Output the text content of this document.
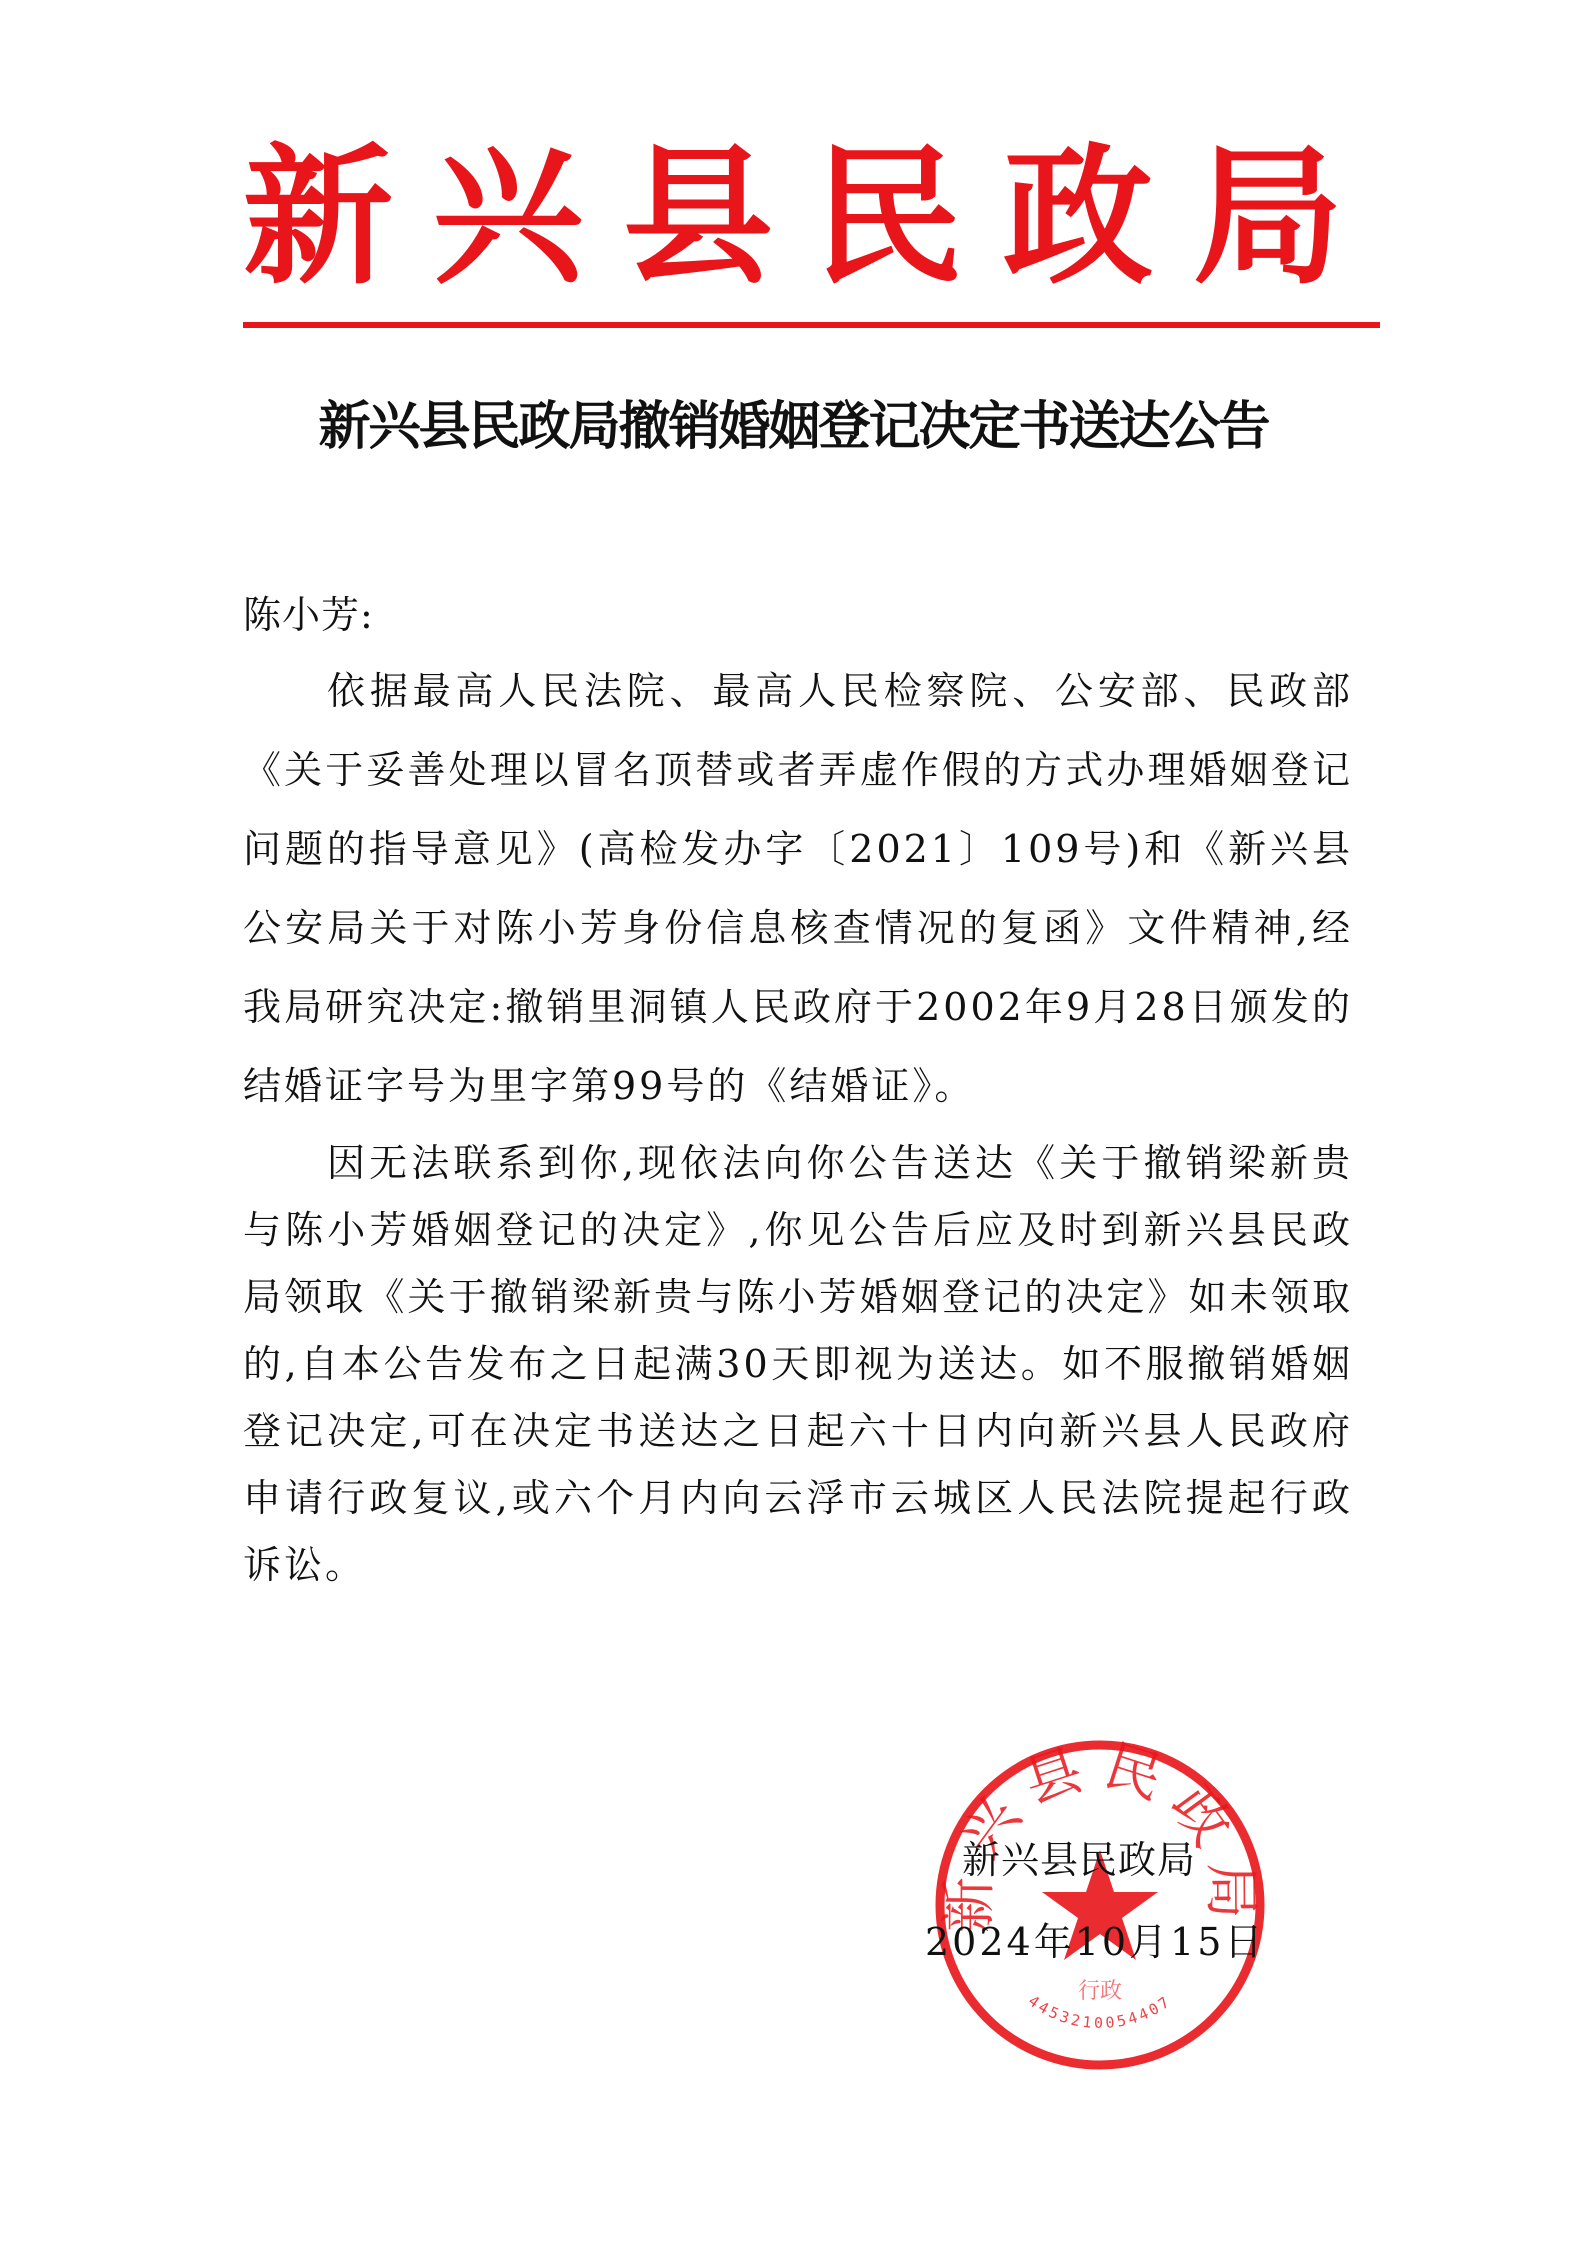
新 兴 县 民 政 局
新兴县民政局撤销婚姻登记决定书送达公告
陈小芳:

依据最高人民法院、最高人民检察院、公安部、民政部《关于妥善处理以冒名顶替或者弄虚作假的方式办理婚姻登记问题的指导意见》(高检发办字〔2021〕109号)和《新兴县公安局关于对陈小芳身份信息核查情况的复函》文件精神,经我局研究决定:撤销里洞镇人民政府于2002年9月28日颁发的结婚证字号为里字第99号的《结婚证》。

因无法联系到你,现依法向你公告送达《关于撤销梁新贵与陈小芳婚姻登记的决定》,你见公告后应及时到新兴县民政局领取《关于撤销梁新贵与陈小芳婚姻登记的决定》如未领取的,自本公告发布之日起满30天即视为送达。如不服撤销婚姻登记决定,可在决定书送达之日起六十日内向新兴县人民政府申请行政复议,或六个月内向云浮市云城区人民法院提起行政诉讼。

新兴县民政局
行政
4453210054407
新兴县民政局
2024年10月15日
